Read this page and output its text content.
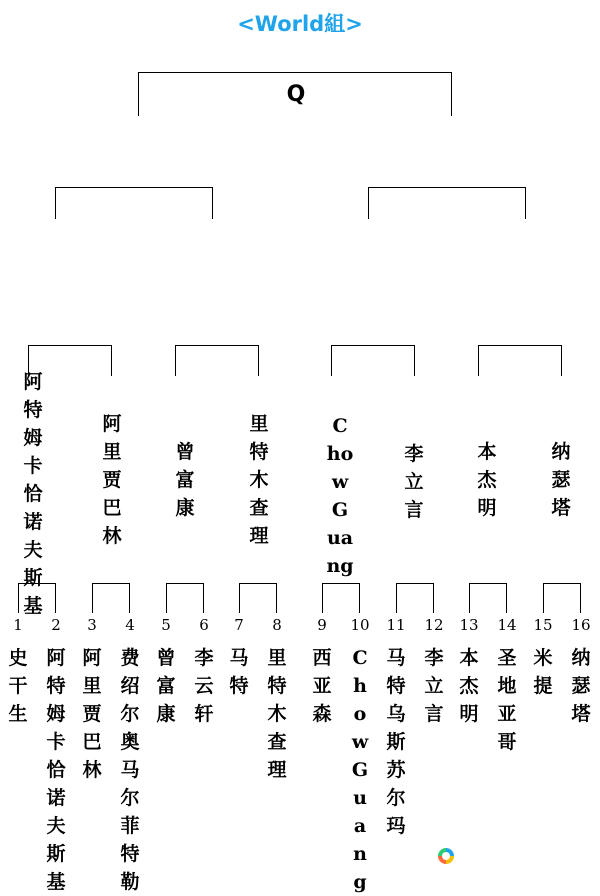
<World組>
Q
阿特姆卡恰诺夫斯基
阿里贾巴林
曾富康
里特木查理
ChowGuang
李立言
本杰明
纳瑟塔
1	2	3	4	5	6	7	8	9	10 11 12 13 14 15 16
史干生
阿特姆卡恰诺夫斯基
阿里贾巴林
费绍尔奥马尔菲特勒
曾富康
李云轩
马特
里特木查理
西亚森
ChowGuang
马特乌斯苏尔玛
李立言
本杰明
圣地亚哥
米提
纳瑟塔
